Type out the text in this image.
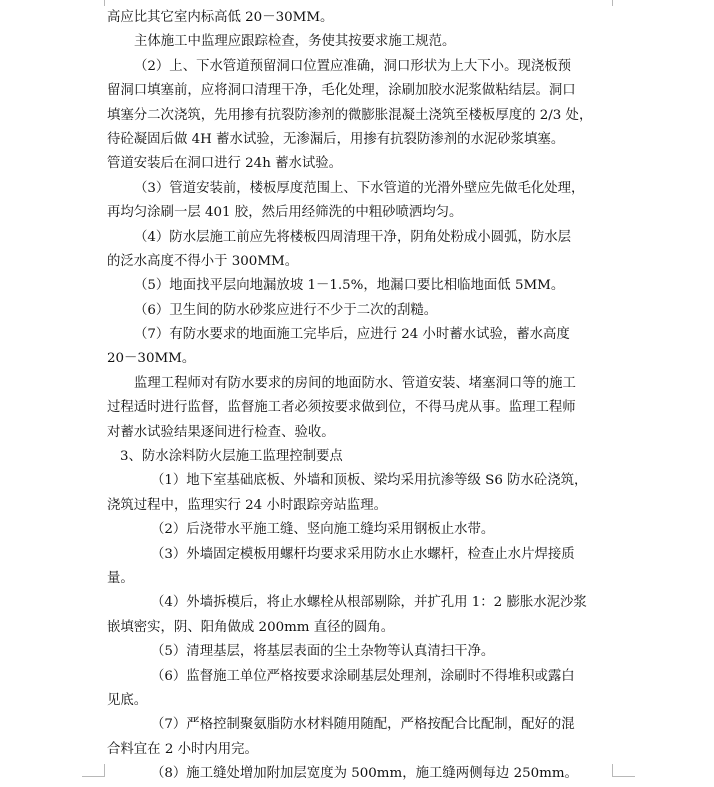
高应比其它室内标高低 20－30MM。
主体施工中监理应跟踪检查，务使其按要求施工规范。
（2）上、下水管道预留洞口位置应准确，洞口形状为上大下小。现浇板预
留洞口填塞前，应将洞口清理干净，毛化处理，涂刷加胶水泥浆做粘结层。洞口
填塞分二次浇筑，先用掺有抗裂防渗剂的微膨胀混凝土浇筑至楼板厚度的 2/3 处，
待砼凝固后做 4H 蓄水试验，无渗漏后，用掺有抗裂防渗剂的水泥砂浆填塞。
管道安装后在洞口进行 24h 蓄水试验。
（3）管道安装前，楼板厚度范围上、下水管道的光滑外壁应先做毛化处理，
再均匀涂刷一层 401 胶，然后用经筛洗的中粗砂喷洒均匀。
（4）防水层施工前应先将楼板四周清理干净，阴角处粉成小圆弧，防水层
的泛水高度不得小于 300MM。
（5）地面找平层向地漏放坡 1－1.5%，地漏口要比相临地面低 5MM。
（6）卫生间的防水砂浆应进行不少于二次的刮糙。
（7）有防水要求的地面施工完毕后，应进行 24 小时蓄水试验，蓄水高度
20－30MM。
监理工程师对有防水要求的房间的地面防水、管道安装、堵塞洞口等的施工
过程适时进行监督，监督施工者必须按要求做到位，不得马虎从事。监理工程师
对蓄水试验结果逐间进行检查、验收。
3、防水涂料防火层施工监理控制要点
（1）地下室基础底板、外墙和顶板、梁均采用抗渗等级 S6 防水砼浇筑，
浇筑过程中，监理实行 24 小时跟踪旁站监理。
（2）后浇带水平施工缝、竖向施工缝均采用钢板止水带。
（3）外墙固定模板用螺杆均要求采用防水止水螺杆，检查止水片焊接质
量。
（4）外墙拆模后，将止水螺栓从根部剔除，并扩孔用 1：2 膨胀水泥沙浆
嵌填密实，阴、阳角做成 200mm 直径的圆角。
（5）清理基层，将基层表面的尘土杂物等认真清扫干净。
（6）监督施工单位严格按要求涂刷基层处理剂，涂刷时不得堆积或露白
见底。
（7）严格控制聚氨脂防水材料随用随配，严格按配合比配制，配好的混
合料宜在 2 小时内用完。
（8）施工缝处增加附加层宽度为 500mm，施工缝两侧每边 250mm。
